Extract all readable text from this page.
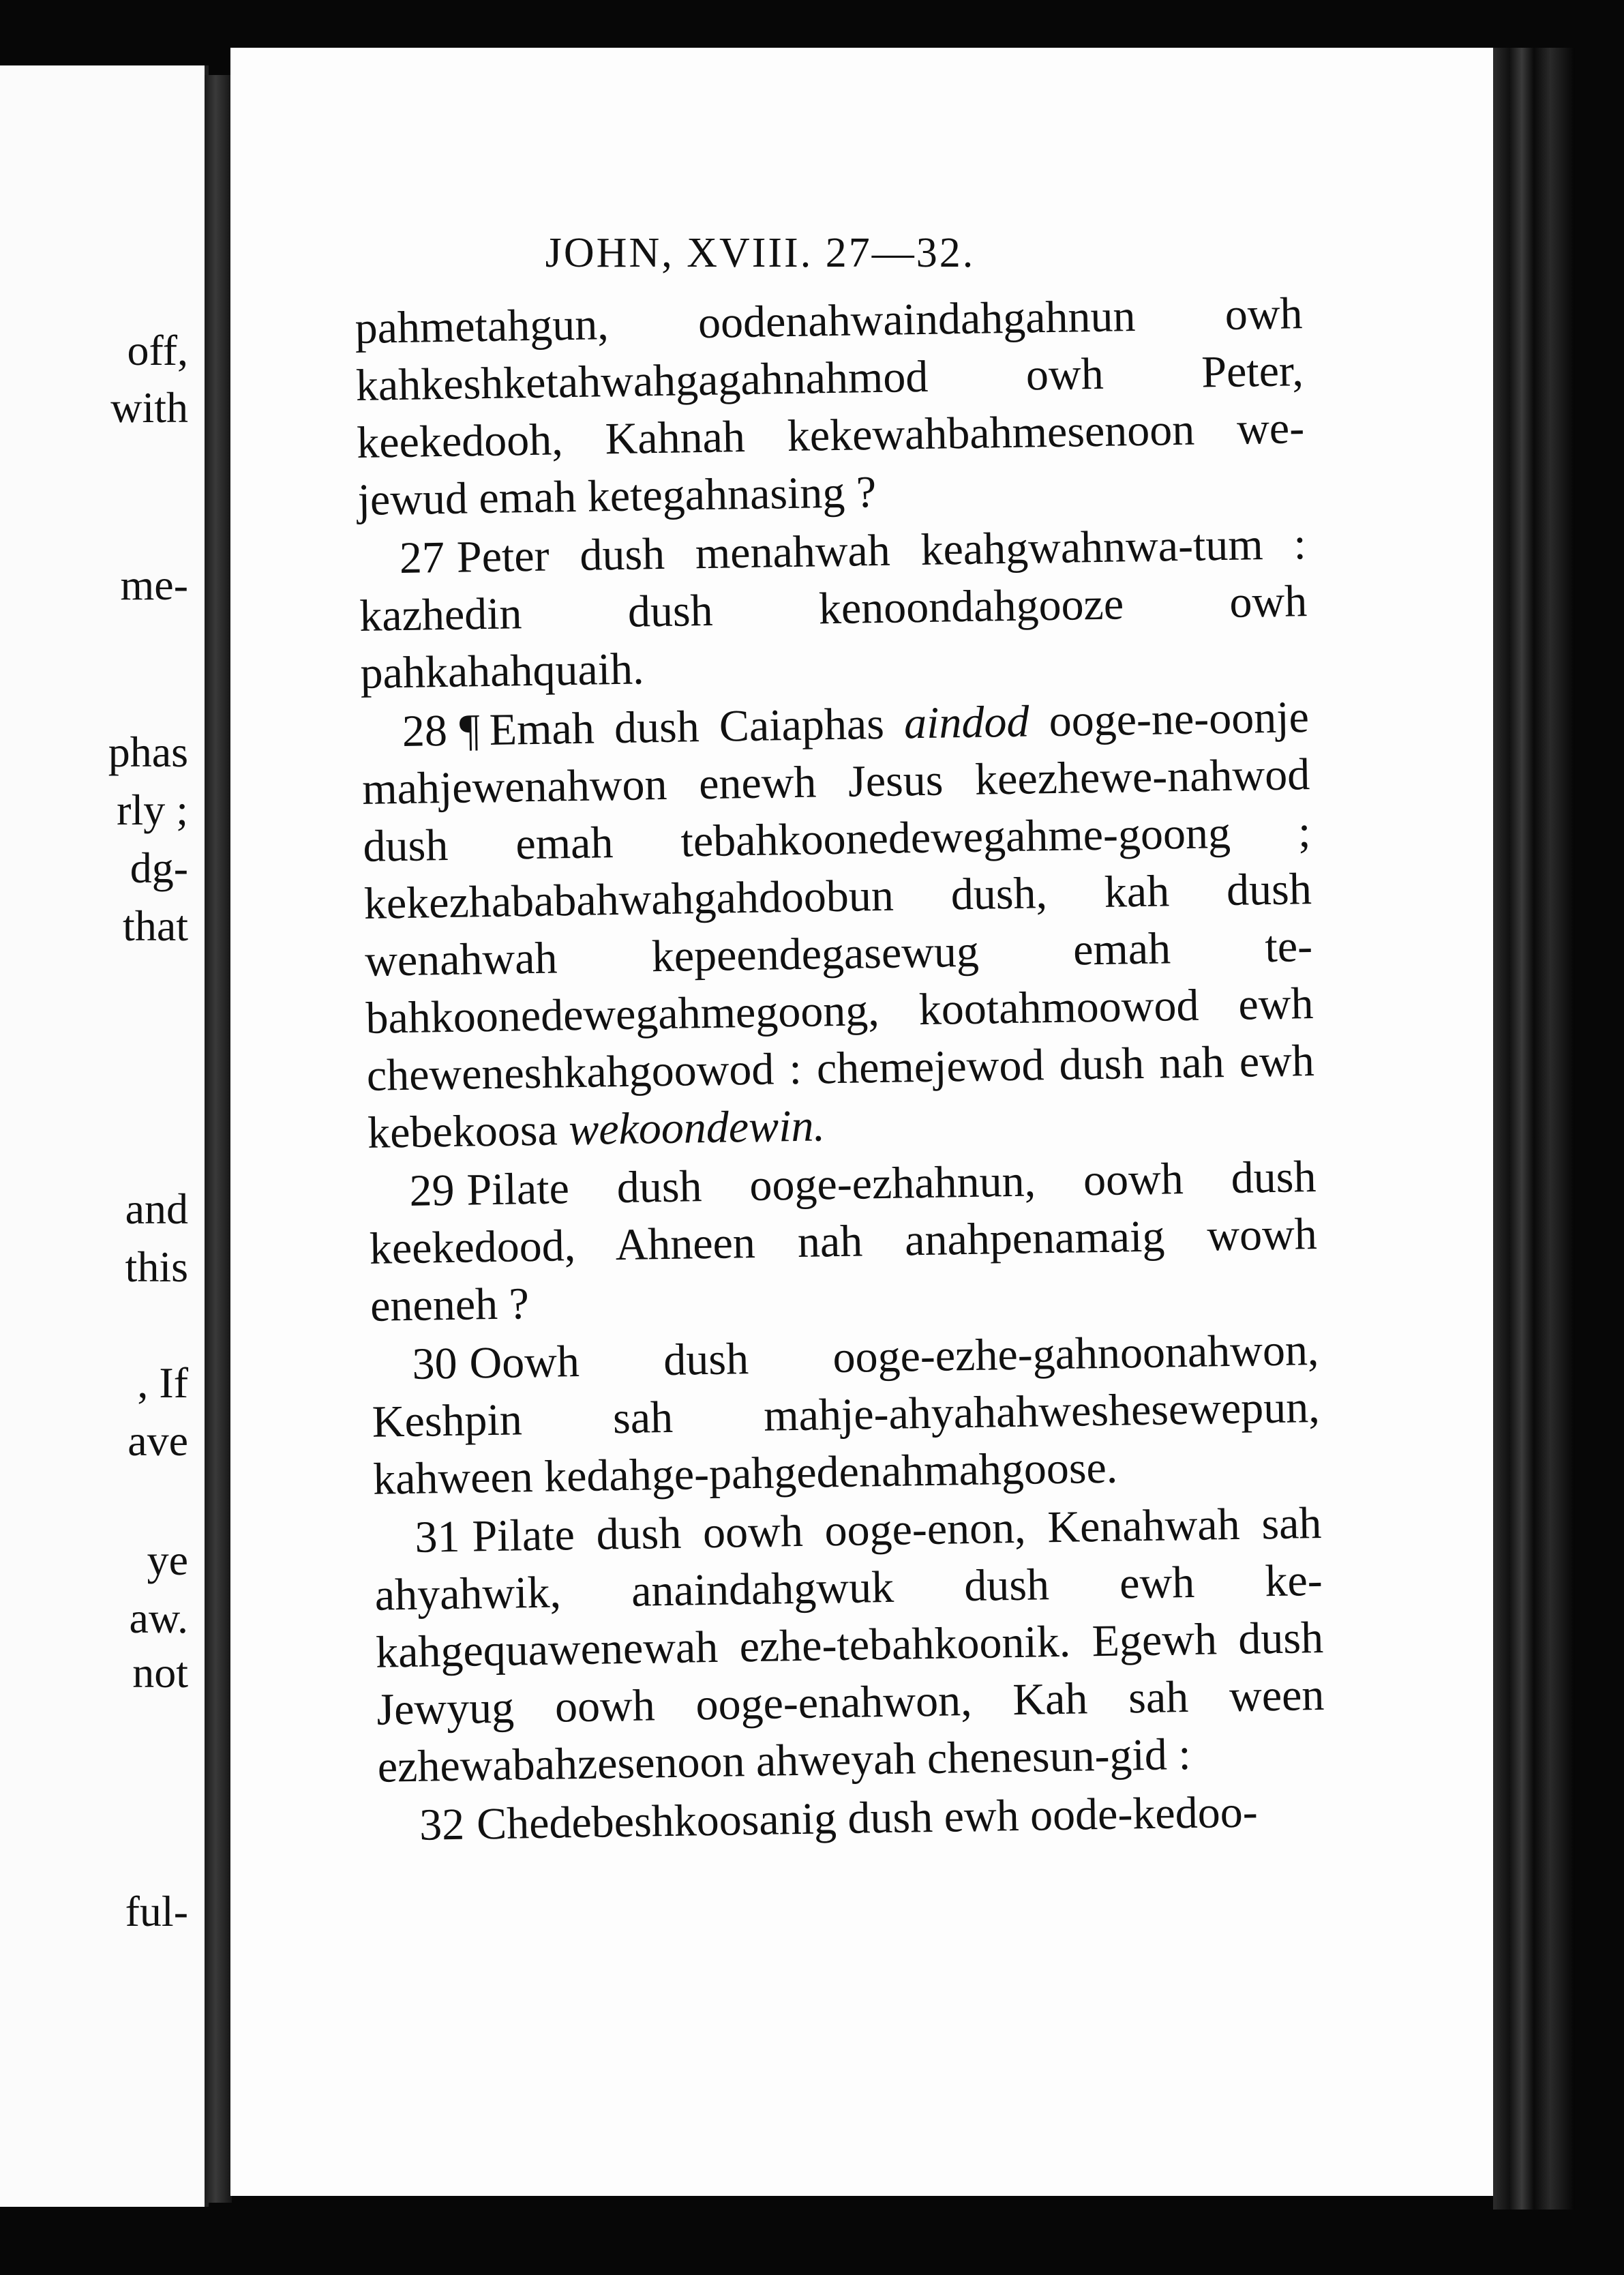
off,
with
me-
phas
rly ;
dg-
that
and
this
, If
ave
ye
aw.
not
ful-
JOHN, XVIII. 27—32.

pahmetahgun, oodenahwaindahgahnun owh kahkeshketahwahgagahnahmod owh Peter, keekedooh, Kahnah kekewahbahmesenoon we-jewud emah ketegahnasing ?

27 Peter dush menahwah keahgwahnwa-tum : kazhedin dush kenoondahgooze owh pahkahahquaih.

28 ¶ Emah dush Caiaphas aindod ooge-ne-oonje mahjewenahwon enewh Jesus keezhewe-nahwod dush emah tebahkoonedewegahme-goong ; kekezhababahwahgahdoobun dush, kah dush wenahwah kepeendegasewug emah te-bahkoonedewegahmegoong, kootahmoowod ewh cheweneshkahgoowod : chemejewod dush nah ewh kebekoosa wekoondewin.

29 Pilate dush ooge-ezhahnun, oowh dush keekedood, Ahneen nah anahpenamaig wowh eneneh ?

30 Oowh dush ooge-ezhe-gahnoonahwon, Keshpin sah mahje-ahyahahweshesewepun, kahween kedahge-pahgedenahmahgoose.

31 Pilate dush oowh ooge-enon, Kenahwah sah ahyahwik, anaindahgwuk dush ewh ke-kahgequawenewah ezhe-tebahkoonik. Egewh dush Jewyug oowh ooge-enahwon, Kah sah ween ezhewabahzesenoon ahweyah chenesun-gid :

32 Chedebeshkoosanig dush ewh oode-kedoo-
